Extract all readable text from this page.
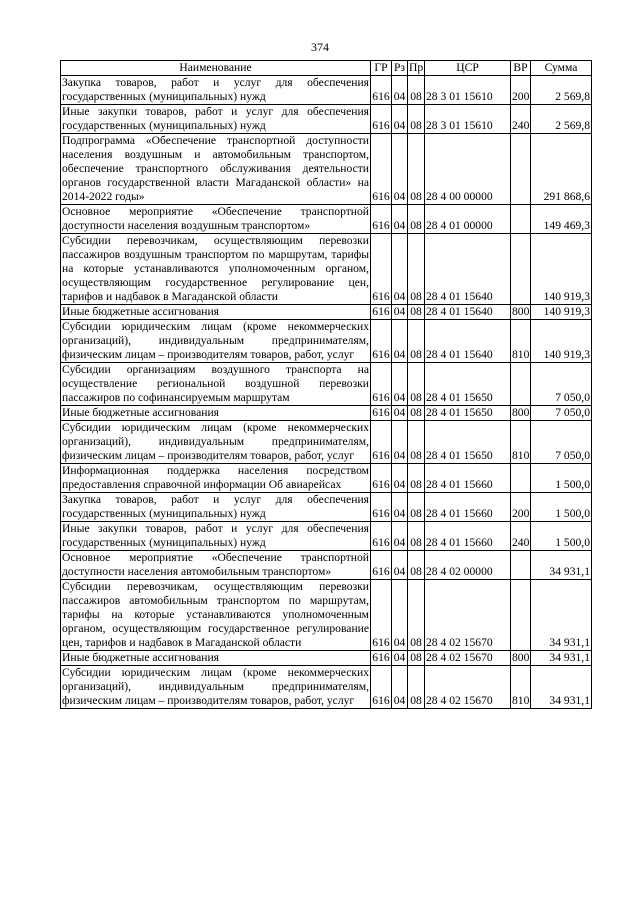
374
Наименование	ГР	Рз	Пр	ЦСР	ВР	Сумма
Закупка товаров, работ и услуг для обеспечения государственных (муниципальных) нужд	616	04	08	28 3 01 15610	200	2 569,8
Иные закупки товаров, работ и услуг для обеспечения государственных (муниципальных) нужд	616	04	08	28 3 01 15610	240	2 569,8
Подпрограмма «Обеспечение транспортной доступности населения воздушным и автомобильным транспортом, обеспечение транспортного обслуживания деятельности органов государственной власти Магаданской области» на 2014-2022 годы»	616	04	08	28 4 00 00000		291 868,6
Основное мероприятие «Обеспечение транспортной доступности населения воздушным транспортом»	616	04	08	28 4 01 00000		149 469,3
Субсидии перевозчикам, осуществляющим перевозки пассажиров воздушным транспортом по маршрутам, тарифы на которые устанавливаются уполномоченным органом, осуществляющим государственное регулирование цен, тарифов и надбавок в Магаданской области	616	04	08	28 4 01 15640		140 919,3
Иные бюджетные ассигнования	616	04	08	28 4 01 15640	800	140 919,3
Субсидии юридическим лицам (кроме некоммерческих организаций), индивидуальным предпринимателям, физическим лицам – производителям товаров, работ, услуг	616	04	08	28 4 01 15640	810	140 919,3
Субсидии организациям воздушного транспорта на осуществление региональной воздушной перевозки пассажиров по софинансируемым маршрутам	616	04	08	28 4 01 15650		7 050,0
Иные бюджетные ассигнования	616	04	08	28 4 01 15650	800	7 050,0
Субсидии юридическим лицам (кроме некоммерческих организаций), индивидуальным предпринимателям, физическим лицам – производителям товаров, работ, услуг	616	04	08	28 4 01 15650	810	7 050,0
Информационная поддержка населения посредством предоставления справочной информации Об авиарейсах	616	04	08	28 4 01 15660		1 500,0
Закупка товаров, работ и услуг для обеспечения государственных (муниципальных) нужд	616	04	08	28 4 01 15660	200	1 500,0
Иные закупки товаров, работ и услуг для обеспечения государственных (муниципальных) нужд	616	04	08	28 4 01 15660	240	1 500,0
Основное мероприятие «Обеспечение транспортной доступности населения автомобильным транспортом»	616	04	08	28 4 02 00000		34 931,1
Субсидии перевозчикам, осуществляющим перевозки пассажиров автомобильным транспортом по маршрутам, тарифы на которые устанавливаются уполномоченным органом, осуществляющим государственное регулирование цен, тарифов и надбавок в Магаданской области	616	04	08	28 4 02 15670		34 931,1
Иные бюджетные ассигнования	616	04	08	28 4 02 15670	800	34 931,1
Субсидии юридическим лицам (кроме некоммерческих организаций), индивидуальным предпринимателям, физическим лицам – производителям товаров, работ, услуг	616	04	08	28 4 02 15670	810	34 931,1
